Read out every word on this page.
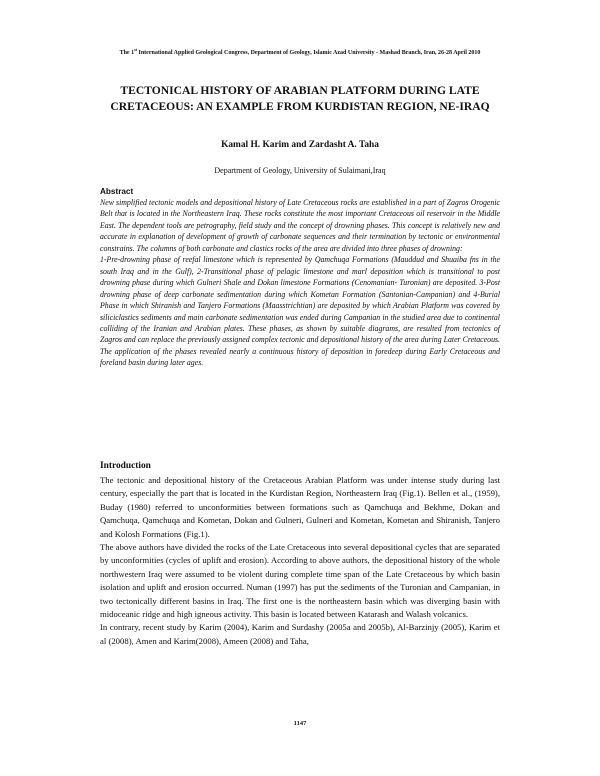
The 1st International Applied Geological Congress, Department of Geology, Islamic Azad University - Mashad Branch, Iran, 26-28 April 2010
TECTONICAL HISTORY OF ARABIAN PLATFORM DURING LATE CRETACEOUS: AN EXAMPLE FROM KURDISTAN REGION, NE-IRAQ

Kamal H. Karim and Zardasht A. Taha

Department of Geology, University of Sulaimani,Iraq

Abstract

New simplified tectonic models and depositional history of Late Cretaceous rocks are established in a part of Zagros Orogenic Belt that is located in the Northeastern Iraq. These rocks constitute the most important Cretaceous oil reservoir in the Middle East. The dependent tools are petrography, field study and the concept of drowning phases. This concept is relatively new and accurate in explanation of development of growth of carbonate sequences and their termination by tectonic or environmental constrains. The columns of both carbonate and clastics rocks of the area are divided into three phases of drowning:

1-Pre-drowning phase of reefal limestone which is represented by Qamchuqa Formations (Mauddud and Shuaiba fns in the south Iraq and in the Gulf), 2-Transitional phase of pelagic limestone and marl deposition which is transitional to post drowning phase during which Gulneri Shale and Dokan limestone Formations (Cenomanian- Turonian) are deposited. 3-Post drowning phase of deep carbonate sedimentation during which Kometan Formation (Santonian-Campanian) and 4-Burial Phase in which Shiranish and Tanjero Formations (Maasstrichtian) are deposited by which Arabian Platform was covered by siliciclastics sediments and main carbonate sedimentation was ended during Campanian in the studied area due to continental colliding of the Iranian and Arabian plates. These phases, as shown by suitable diagrams, are resulted from tectonics of Zagros and can replace the previously assigned complex tectonic and depositional history of the area during Later Cretaceous. The application of the phases revealed nearly a continuous history of deposition in foredeep during Early Cretaceous and foreland basin during later ages.

Introduction

The tectonic and depositional history of the Cretaceous Arabian Platform was under intense study during last century, especially the part that is located in the Kurdistan Region, Northeastern Iraq (Fig.1). Bellen et al., (1959), Buday (1980) referred to unconformities between formations such as Qamchuqa and Bekhme, Dokan and Qamchuqa, Qamchuqa and Kometan, Dokan and Gulneri, Gulneri and Kometan, Kometan and Shiranish, Tanjero and Kolosh Formations (Fig.1).

The above authors have divided the rocks of the Late Cretaceous into several depositional cycles that are separated by unconformities (cycles of uplift and erosion). According to above authors, the depositional history of the whole northwestern Iraq were assumed to be violent during complete time span of the Late Cretaceous by which basin isolation and uplift and erosion occurred. Numan (1997) has put the sediments of the Turonian and Campanian, in two tectonically different basins in Iraq. The first one is the northeastern basin which was diverging basin with midoceanic ridge and high igneous activity. This basin is located between Katarash and Walash volcanics.

In contrary, recent study by Karim (2004), Karim and Surdashy (2005a and 2005b), Al-Barzinjy (2005), Karim et al (2008), Amen and Karim(2008), Ameen (2008) and Taha,

1147
